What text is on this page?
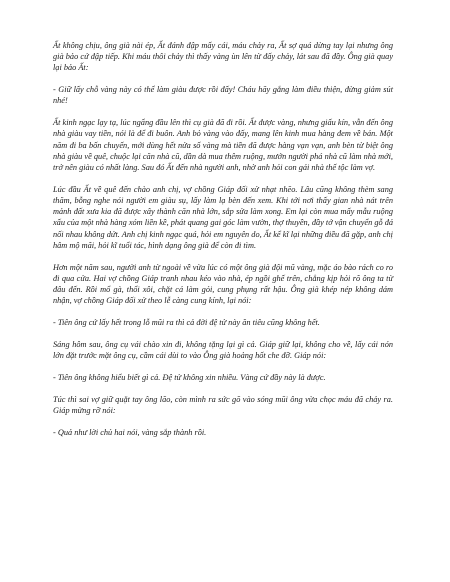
Ất không chịu, ông già nài ép, Ất đánh đập mấy cái, máu chảy ra, Ất sợ quá dừng tay lại nhưng ông già bảo cứ đập tiếp. Khi máu thôi chảy thì thấy vàng ùn lên từ đấy chảy, lát sau đã đầy. Ông già quay lại bảo Ất:

- Giữ lấy chỗ vàng này có thể làm giàu được rồi đấy! Cháu hãy gắng làm điều thiện, đừng giảm sút nhé!

Ất kinh ngạc lạy tạ, lúc ngẩng đầu lên thì cụ già đã đi rồi. Ất được vàng, nhưng giấu kín, vẫn đến ông nhà giàu vay tiền, nói là để đi buôn. Anh bỏ vàng vào đấy, mang lên kinh mua hàng đem về bán. Một năm đi ba bốn chuyến, mới dùng hết nửa số vàng mà tiền đã được hàng vạn vạn, anh bèn từ biệt ông nhà giàu về quê, chuộc lại căn nhà cũ, dần dà mua thêm ruộng, mướn người phá nhà cũ làm nhà mới, trở nên giàu có nhất làng. Sau đó Ất đến nhà người anh, nhờ anh hỏi con gái nhà thế tộc làm vợ.

Lúc đầu Ất về quê đến chào anh chị, vợ chồng Giáp đối xử nhạt nhẽo. Lâu cũng không thèm sang thăm, bỗng nghe nói người em giàu sụ, lấy làm lạ bèn đến xem. Khi tới nơi thấy gian nhà nát trên mảnh đất xưa kia đã được xây thành căn nhà lớn, sắp sửa làm xong. Em lại còn mua mấy mẫu ruộng xấu của một nhà hàng xóm liền kề, phát quang gai góc làm vườn, thợ thuyền, đầy tớ vận chuyển gỗ đá nối nhau không dứt. Anh chị kinh ngạc quá, hỏi em nguyên do, Ất kể kĩ lại những điều đã gặp, anh chị hâm mộ mãi, hỏi kĩ tuổi tác, hình dạng ông già để còn đi tìm.

Hơn một năm sau, người anh từ ngoài về vừa lúc có một ông già đội mũ vàng, mặc áo bào rách co ro đi qua cửa. Hai vợ chồng Giáp tranh nhau kéo vào nhà, ép ngồi ghế trên, chẳng kịp hỏi rõ ông ta từ đâu đến. Rồi mổ gà, thổi xôi, chặt cá làm gỏi, cung phụng rất hậu. Ông già khép nép không dám nhận, vợ chồng Giáp đối xử theo lễ càng cung kính, lại nói:

- Tiên ông cứ lấy hết trong lỗ mũi ra thì cả đời đệ tử này ăn tiêu cũng không hết.

Sáng hôm sau, ông cụ vái chào xin đi, không tặng lại gì cả. Giáp giữ lại, không cho về, lấy cái nón lớn đặt trước mặt ông cụ, cầm cái dùi to vào Ông già hoảng hốt che đỡ. Giáp nói:

- Tiên ông không hiểu biết gì cả. Đệ tử không xin nhiều. Vàng cứ đầy này là được.

Túc thì sai vợ giữ quặt tay ông lão, còn mình ra sức gõ vào sóng mũi ông vừa chọc máu đã chảy ra. Giáp mừng rỡ nói:

- Quả như lời chủ hai nói, vàng sắp thành rồi.
